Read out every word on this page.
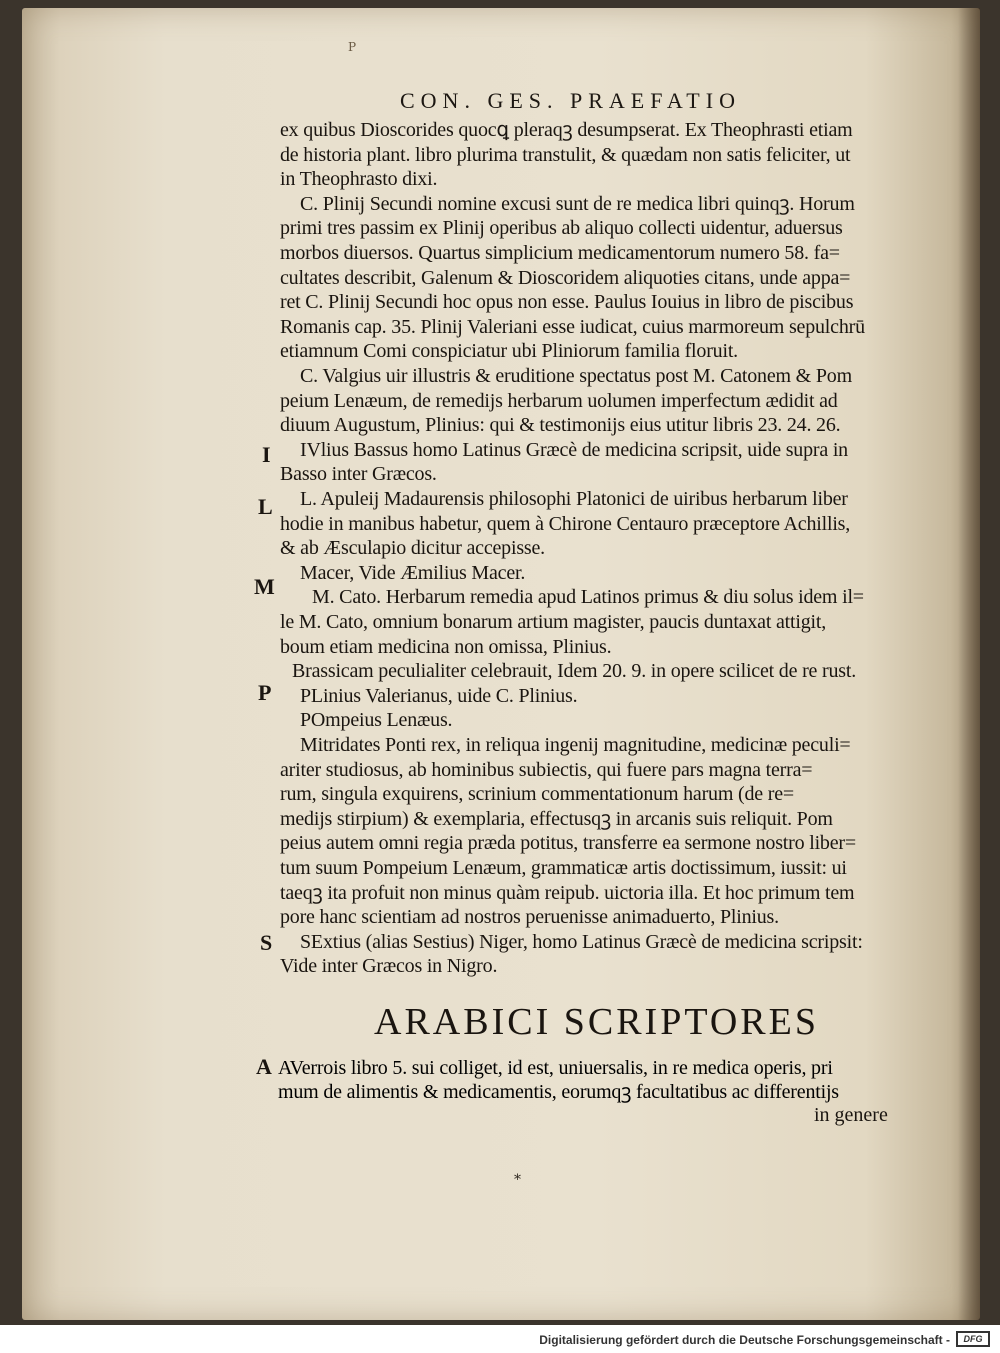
P
CON. GES. PRAEFATIO
ex quibus Dioscorides quocꝗ pleraqꝫ desumpserat. Ex Theophrasti etiam
de historia plant. libro plurima transtulit, & quædam non satis feliciter, ut
in Theophrasto dixi.
C. Plinij Secundi nomine excusi sunt de re medica libri quinqꝫ. Horum
primi tres passim ex Plinij operibus ab aliquo collecti uidentur, aduersus
morbos diuersos. Quartus simplicium medicamentorum numero 58. fa=
cultates describit, Galenum & Dioscoridem aliquoties citans, unde appa=
ret C. Plinij Secundi hoc opus non esse. Paulus Iouius in libro de piscibus
Romanis cap. 35. Plinij Valeriani esse iudicat, cuius marmoreum sepulchrū
etiamnum Comi conspiciatur ubi Pliniorum familia floruit.
C. Valgius uir illustris & eruditione spectatus post M. Catonem & Pom
peium Lenæum, de remedijs herbarum uolumen imperfectum ædidit ad
diuum Augustum, Plinius: qui & testimonijs eius utitur libris 23. 24. 26.
IVlius Bassus homo Latinus Græcè de medicina scripsit, uide supra in
Basso inter Græcos.
L. Apuleij Madaurensis philosophi Platonici de uiribus herbarum liber
hodie in manibus habetur, quem à Chirone Centauro præceptore Achillis,
& ab Æsculapio dicitur accepisse.
Macer, Vide Æmilius Macer.
M. Cato. Herbarum remedia apud Latinos primus & diu solus idem il=
le M. Cato, omnium bonarum artium magister, paucis duntaxat attigit,
boum etiam medicina non omissa, Plinius.
Brassicam peculialiter celebrauit, Idem 20. 9. in opere scilicet de re rust.
PLinius Valerianus, uide C. Plinius.
POmpeius Lenæus.
Mitridates Ponti rex, in reliqua ingenij magnitudine, medicinæ peculi=
ariter studiosus, ab hominibus subiectis, qui fuere pars magna terra=
rum, singula exquirens, scrinium commentationum harum (de re=
medijs stirpium) & exemplaria, effectusqꝫ in arcanis suis reliquit. Pom
peius autem omni regia præda potitus, transferre ea sermone nostro liber=
tum suum Pompeium Lenæum, grammaticæ artis doctissimum, iussit: ui
taeqꝫ ita profuit non minus quàm reipub. uictoria illa. Et hoc primum tem
pore hanc scientiam ad nostros peruenisse animaduerto, Plinius.
SExtius (alias Sestius) Niger, homo Latinus Græcè de medicina scripsit:
Vide inter Græcos in Nigro.
I
L
M
P
S
A
ARABICI SCRIPTORES
AVerrois libro 5. sui colliget, id est, uniuersalis, in re medica operis, pri
mum de alimentis & medicamentis, eorumqꝫ facultatibus ac differentijs
in genere
*
Digitalisierung gefördert durch die Deutsche Forschungsgemeinschaft -	DFG
